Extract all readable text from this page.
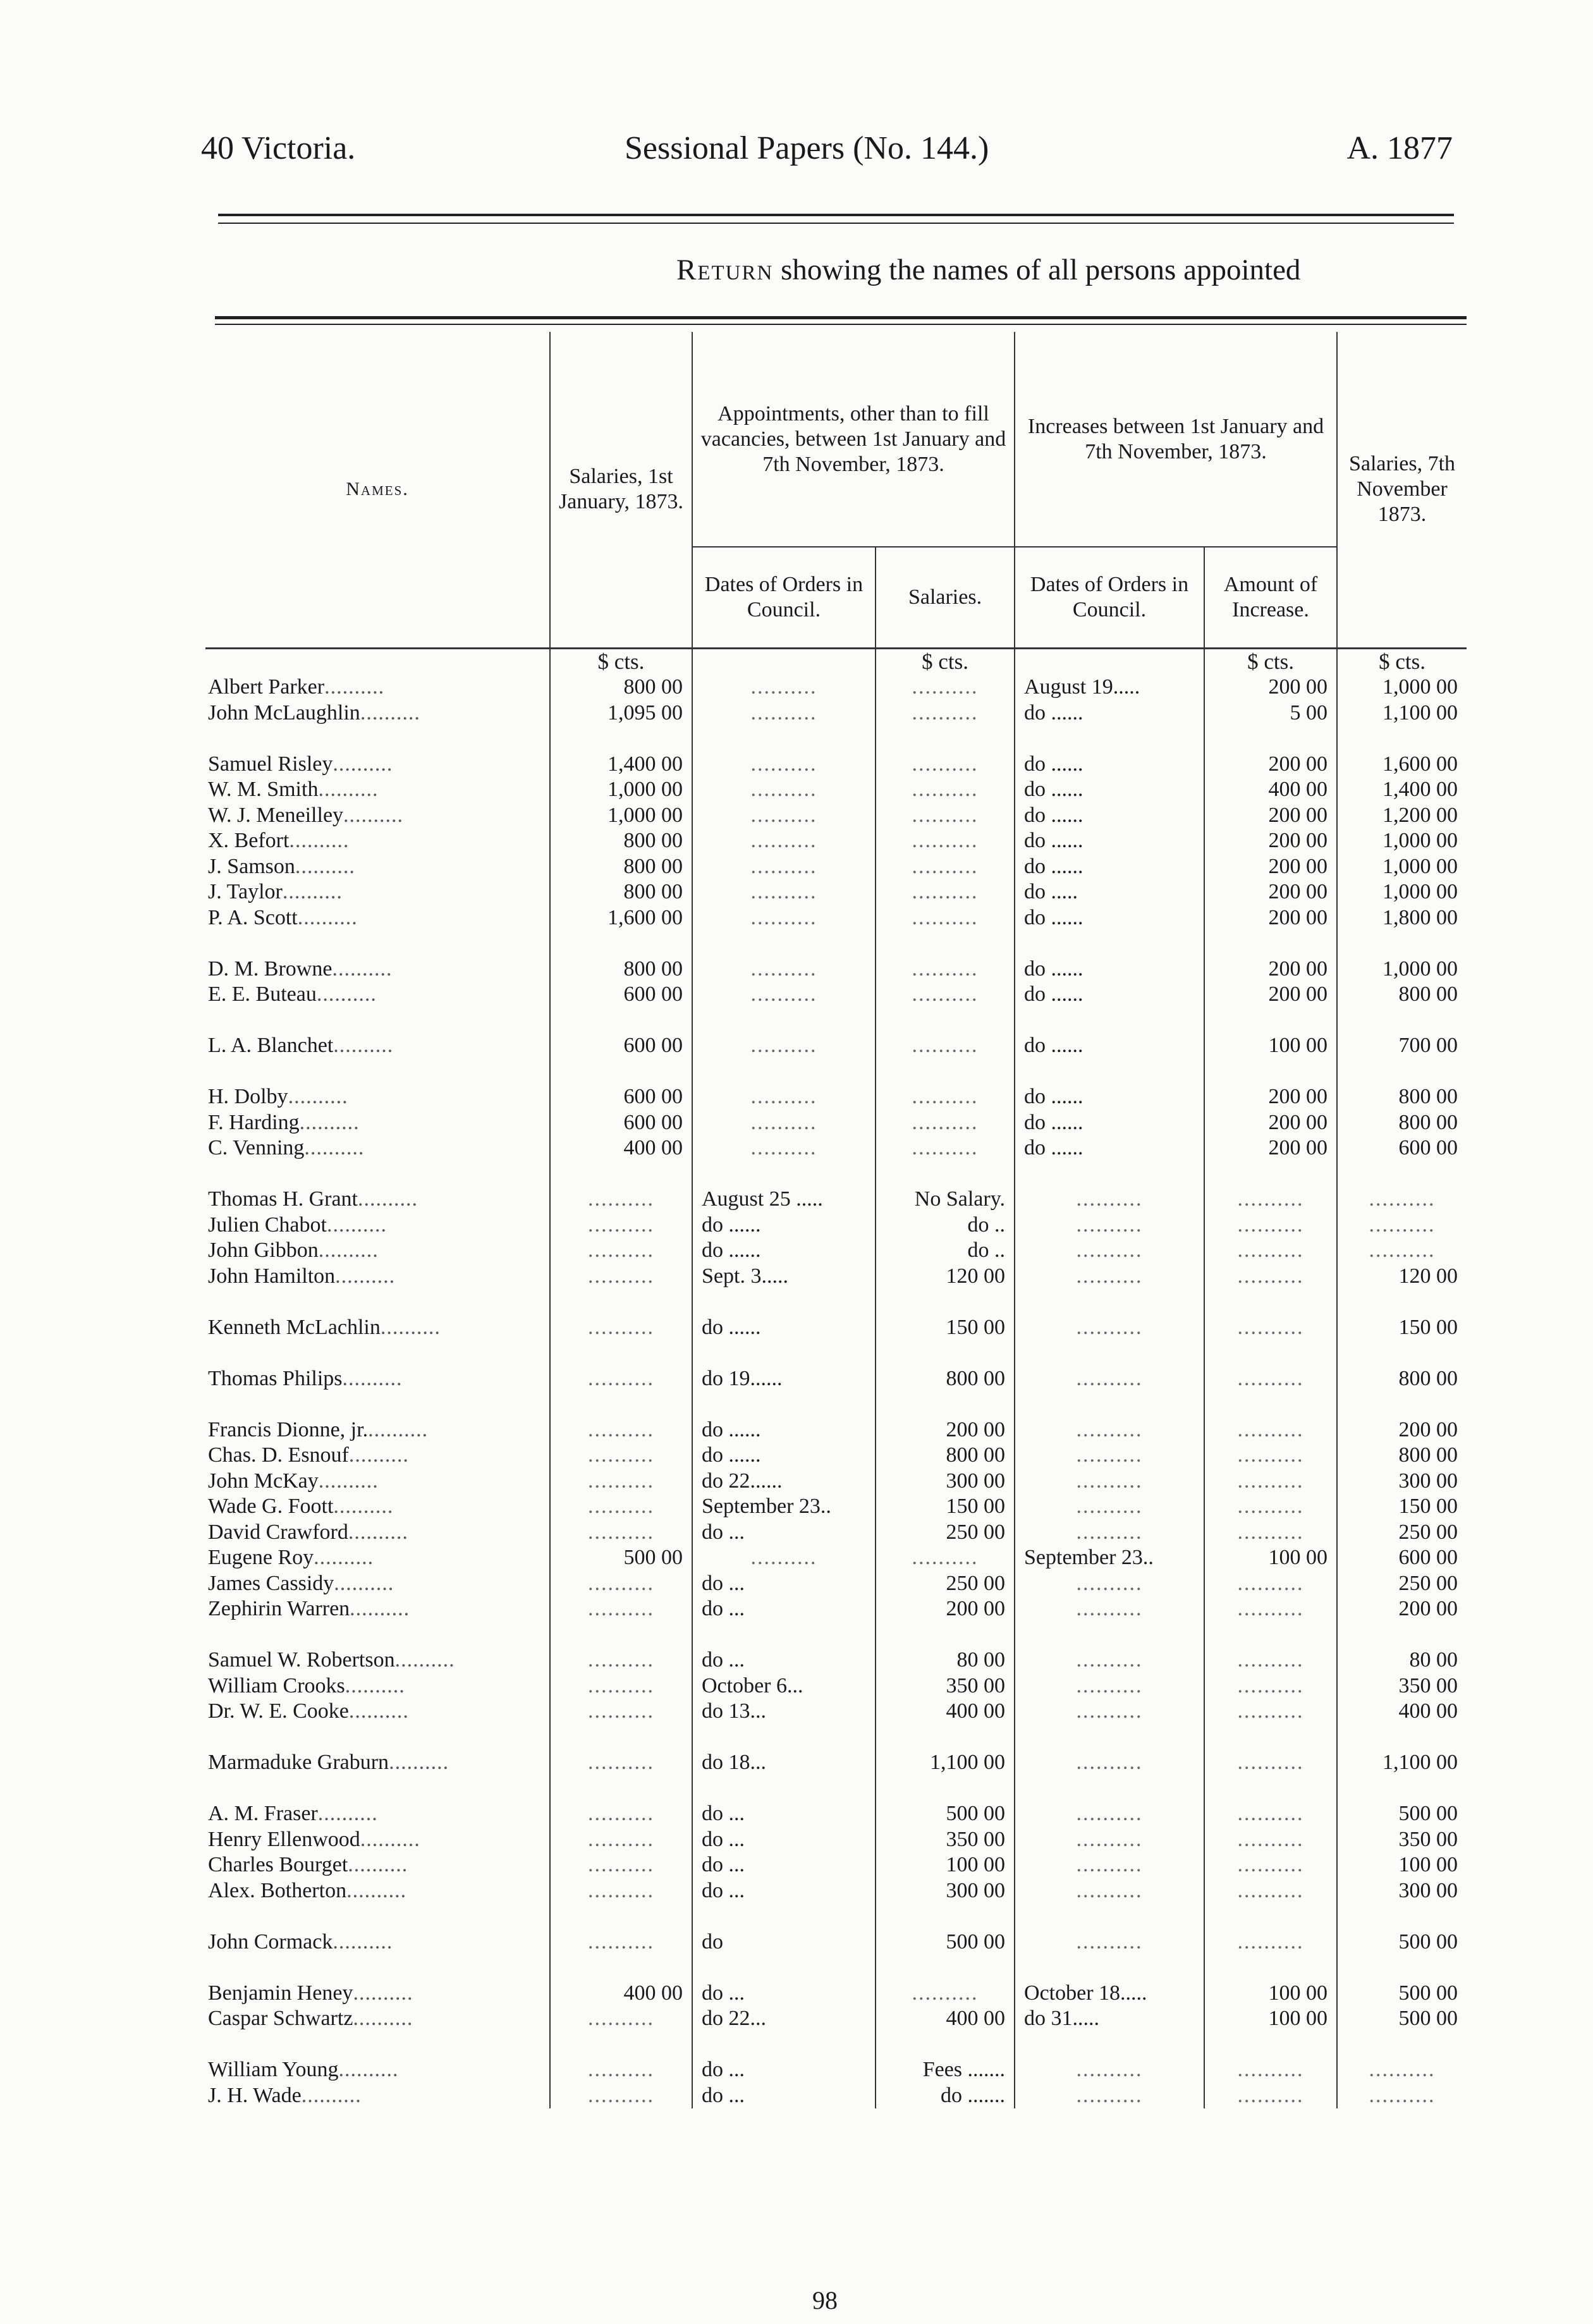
40 Victoria.	Sessional Papers (No. 144.)	A. 1877
Return showing the names of all persons appointed
Names.	Salaries, 1st January, 1873.	Appointments, other than to fill vacancies, between 1st January and 7th November, 1873.		Increases between 1st January and 7th November, 1873.		Salaries, 7th November 1873.
		Dates of Orders in Council.	Salaries.	Dates of Orders in Council.	Amount of Increase.	
	$ cts.		$ cts.		$ cts.	$ cts.
Albert Parker..........	800 00	..........	..........	August 19.....	200 00	1,000 00
John McLaughlin..........	1,095 00	..........	..........	do ......	5 00	1,100 00

Samuel Risley..........	1,400 00	..........	..........	do ......	200 00	1,600 00
W. M. Smith..........	1,000 00	..........	..........	do ......	400 00	1,400 00
W. J. Meneilley..........	1,000 00	..........	..........	do ......	200 00	1,200 00
X. Befort..........	800 00	..........	..........	do ......	200 00	1,000 00
J. Samson..........	800 00	..........	..........	do ......	200 00	1,000 00
J. Taylor..........	800 00	..........	..........	do .....	200 00	1,000 00
P. A. Scott..........	1,600 00	..........	..........	do ......	200 00	1,800 00

D. M. Browne..........	800 00	..........	..........	do ......	200 00	1,000 00
E. E. Buteau..........	600 00	..........	..........	do ......	200 00	800 00

L. A. Blanchet..........	600 00	..........	..........	do ......	100 00	700 00

H. Dolby..........	600 00	..........	..........	do ......	200 00	800 00
F. Harding..........	600 00	..........	..........	do ......	200 00	800 00
C. Venning..........	400 00	..........	..........	do ......	200 00	600 00

Thomas H. Grant..........	..........	August 25 .....	No Salary.	..........	..........	..........
Julien Chabot..........	..........	do ......	do ..	..........	..........	..........
John Gibbon..........	..........	do ......	do ..	..........	..........	..........
John Hamilton..........	..........	Sept. 3.....	120 00	..........	..........	120 00

Kenneth McLachlin..........	..........	do ......	150 00	..........	..........	150 00

Thomas Philips..........	..........	do 19......	800 00	..........	..........	800 00

Francis Dionne, jr...........	..........	do ......	200 00	..........	..........	200 00
Chas. D. Esnouf..........	..........	do ......	800 00	..........	..........	800 00
John McKay..........	..........	do 22......	300 00	..........	..........	300 00
Wade G. Foott..........	..........	September 23..	150 00	..........	..........	150 00
David Crawford..........	..........	do ...	250 00	..........	..........	250 00
Eugene Roy..........	500 00	..........	..........	September 23..	100 00	600 00
James Cassidy..........	..........	do ...	250 00	..........	..........	250 00
Zephirin Warren..........	..........	do ...	200 00	..........	..........	200 00

Samuel W. Robertson..........	..........	do ...	80 00	..........	..........	80 00
William Crooks..........	..........	October 6...	350 00	..........	..........	350 00
Dr. W. E. Cooke..........	..........	do 13...	400 00	..........	..........	400 00

Marmaduke Graburn..........	..........	do 18...	1,100 00	..........	..........	1,100 00

A. M. Fraser..........	..........	do ...	500 00	..........	..........	500 00
Henry Ellenwood..........	..........	do ...	350 00	..........	..........	350 00
Charles Bourget..........	..........	do ...	100 00	..........	..........	100 00
Alex. Botherton..........	..........	do ...	300 00	..........	..........	300 00

John Cormack..........	..........	do	500 00	..........	..........	500 00

Benjamin Heney..........	400 00	do ...	..........	October 18.....	100 00	500 00
Caspar Schwartz..........	..........	do 22...	400 00	do 31.....	100 00	500 00

William Young..........	..........	do ...	Fees .......	..........	..........	..........
J. H. Wade..........	..........	do ...	do .......	..........	..........	..........
98
